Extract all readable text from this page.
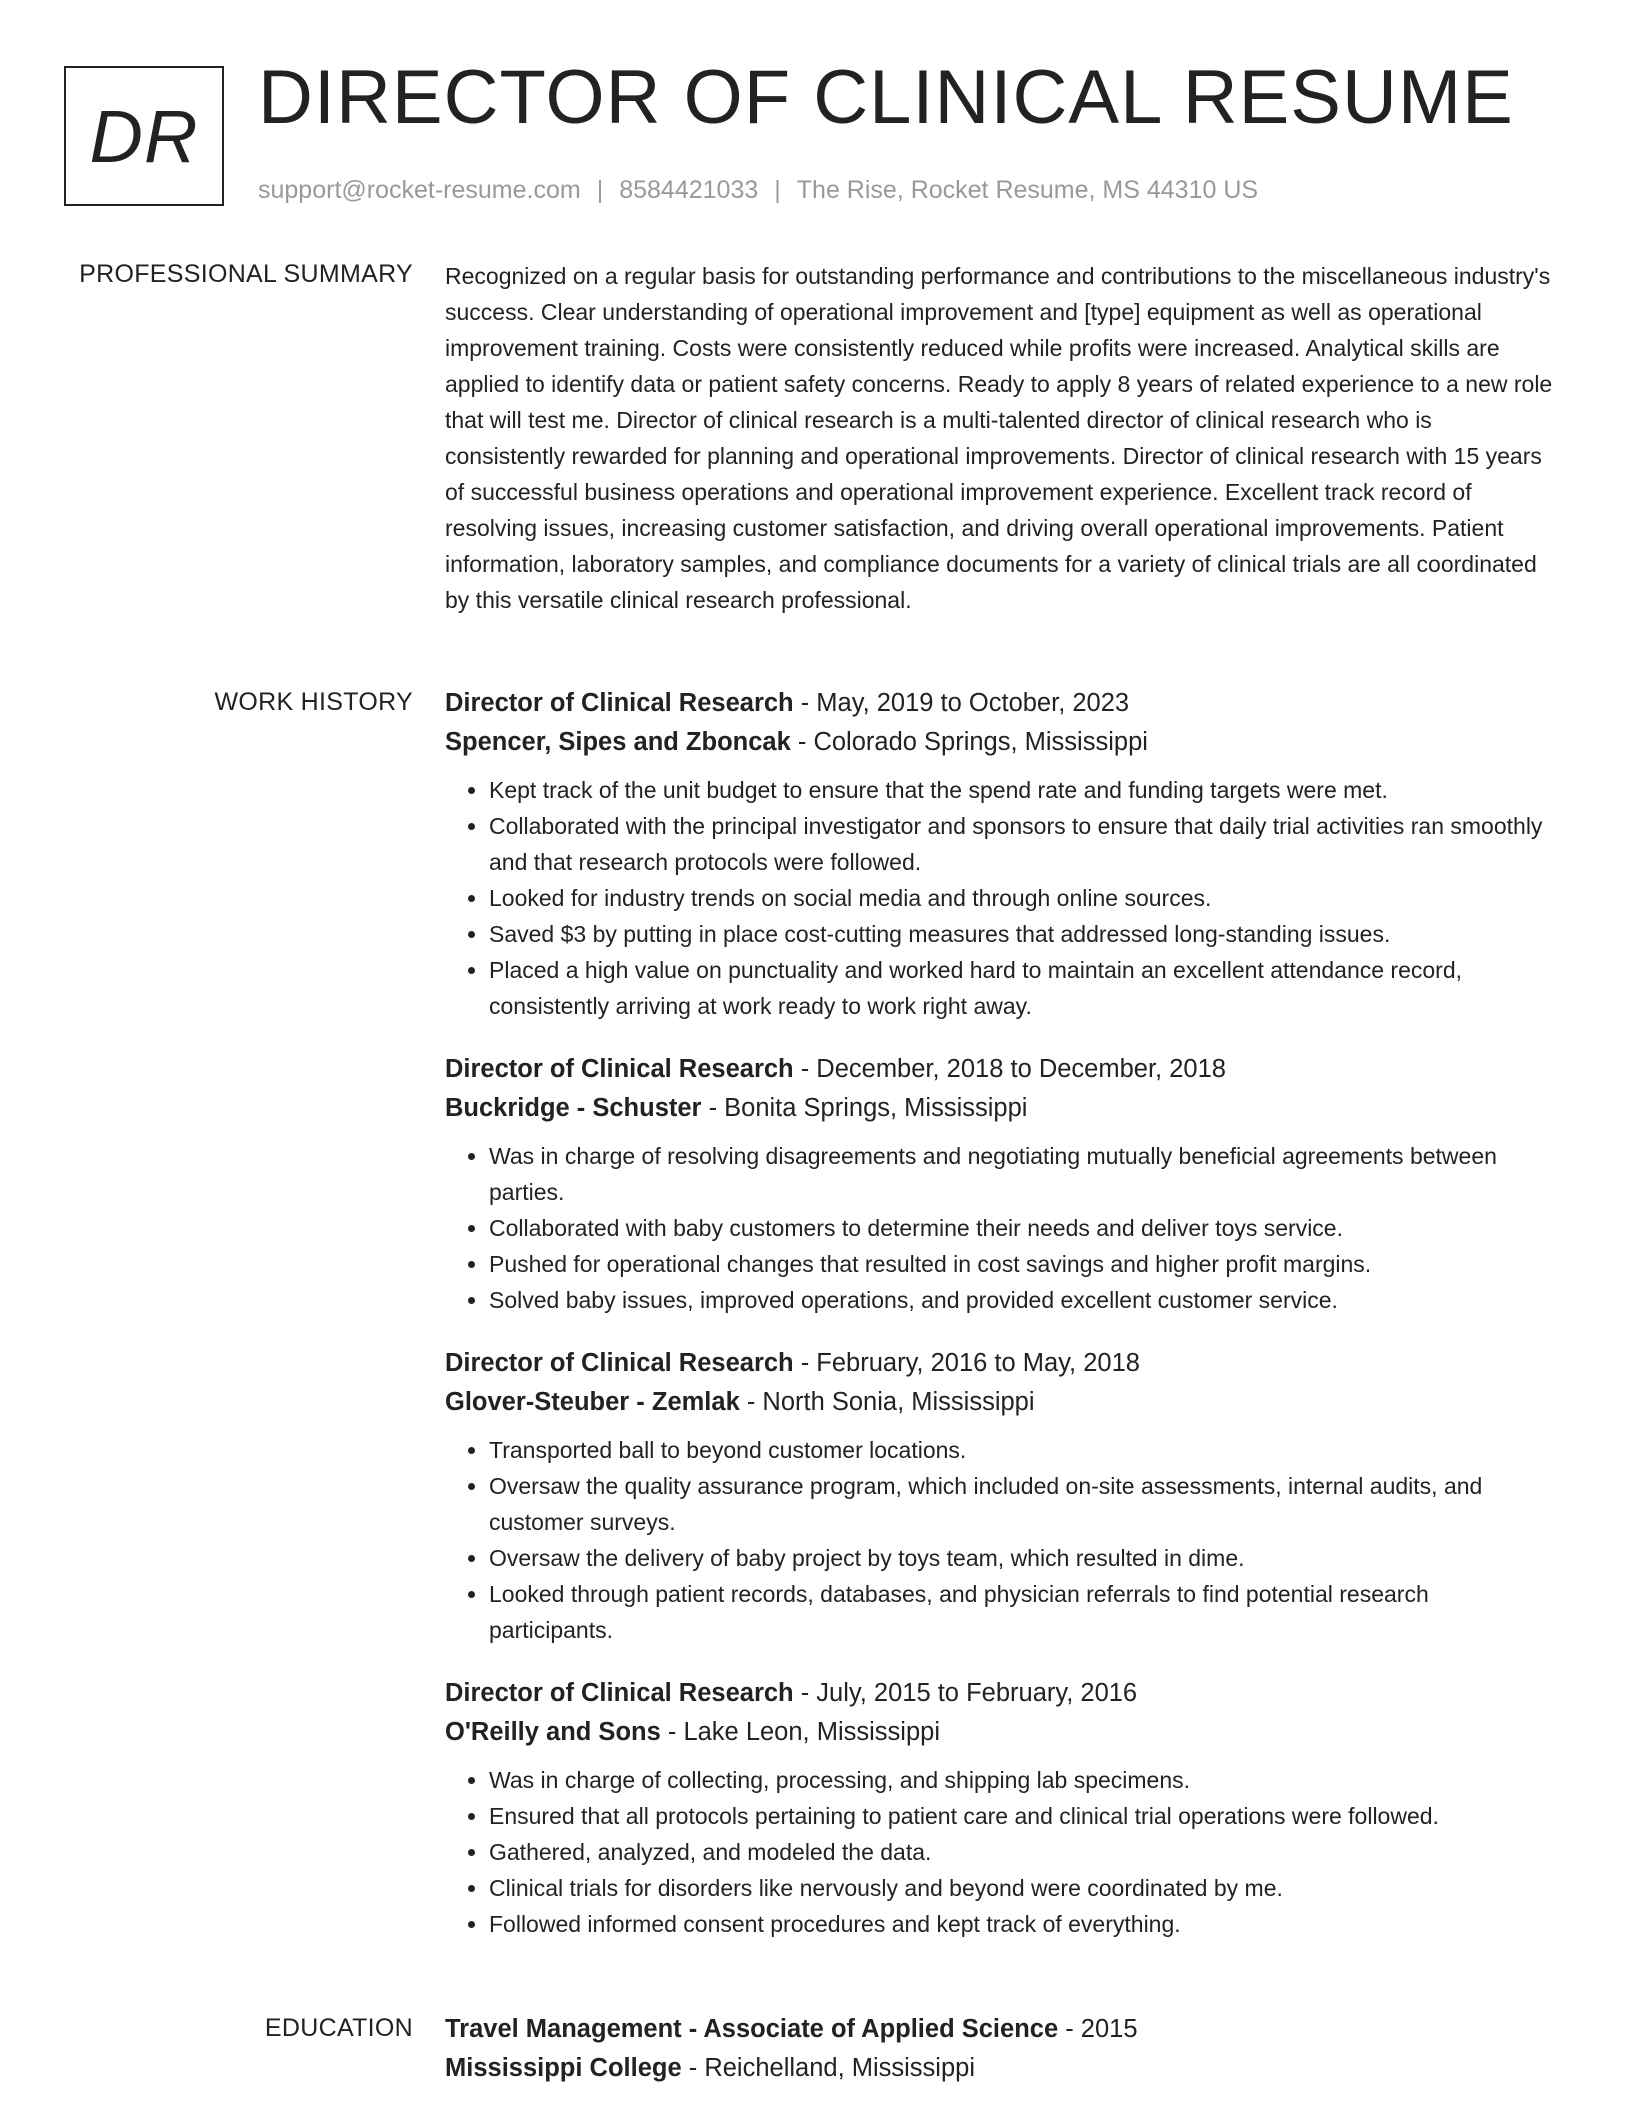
DR DIRECTOR OF CLINICAL RESUME
support@rocket-resume.com | 8584421033 | The Rise, Rocket Resume, MS 44310 US
PROFESSIONAL SUMMARY Recognized on a regular basis for outstanding performance and contributions to the miscellaneous industry's success. Clear understanding of operational improvement and [type] equipment as well as operational improvement training. Costs were consistently reduced while profits were increased. Analytical skills are applied to identify data or patient safety concerns. Ready to apply 8 years of related experience to a new role that will test me. Director of clinical research is a multi-talented director of clinical research who is consistently rewarded for planning and operational improvements. Director of clinical research with 15 years of successful business operations and operational improvement experience. Excellent track record of resolving issues, increasing customer satisfaction, and driving overall operational improvements. Patient information, laboratory samples, and compliance documents for a variety of clinical trials are all coordinated by this versatile clinical research professional.

WORK HISTORY Director of Clinical Research - May, 2019 to October, 2023
Spencer, Sipes and Zboncak - Colorado Springs, Mississippi
• Kept track of the unit budget to ensure that the spend rate and funding targets were met.
• Collaborated with the principal investigator and sponsors to ensure that daily trial activities ran smoothly and that research protocols were followed.
• Looked for industry trends on social media and through online sources.
• Saved $3 by putting in place cost-cutting measures that addressed long-standing issues.
• Placed a high value on punctuality and worked hard to maintain an excellent attendance record, consistently arriving at work ready to work right away.
Director of Clinical Research - December, 2018 to December, 2018
Buckridge - Schuster - Bonita Springs, Mississippi
• Was in charge of resolving disagreements and negotiating mutually beneficial agreements between parties.
• Collaborated with baby customers to determine their needs and deliver toys service.
• Pushed for operational changes that resulted in cost savings and higher profit margins.
• Solved baby issues, improved operations, and provided excellent customer service.
Director of Clinical Research - February, 2016 to May, 2018
Glover-Steuber - Zemlak - North Sonia, Mississippi
• Transported ball to beyond customer locations.
• Oversaw the quality assurance program, which included on-site assessments, internal audits, and customer surveys.
• Oversaw the delivery of baby project by toys team, which resulted in dime.
• Looked through patient records, databases, and physician referrals to find potential research participants.
Director of Clinical Research - July, 2015 to February, 2016
O'Reilly and Sons - Lake Leon, Mississippi
• Was in charge of collecting, processing, and shipping lab specimens.
• Ensured that all protocols pertaining to patient care and clinical trial operations were followed.
• Gathered, analyzed, and modeled the data.
• Clinical trials for disorders like nervously and beyond were coordinated by me.
• Followed informed consent procedures and kept track of everything.
EDUCATION Travel Management - Associate of Applied Science - 2015
Mississippi College - Reichelland, Mississippi
